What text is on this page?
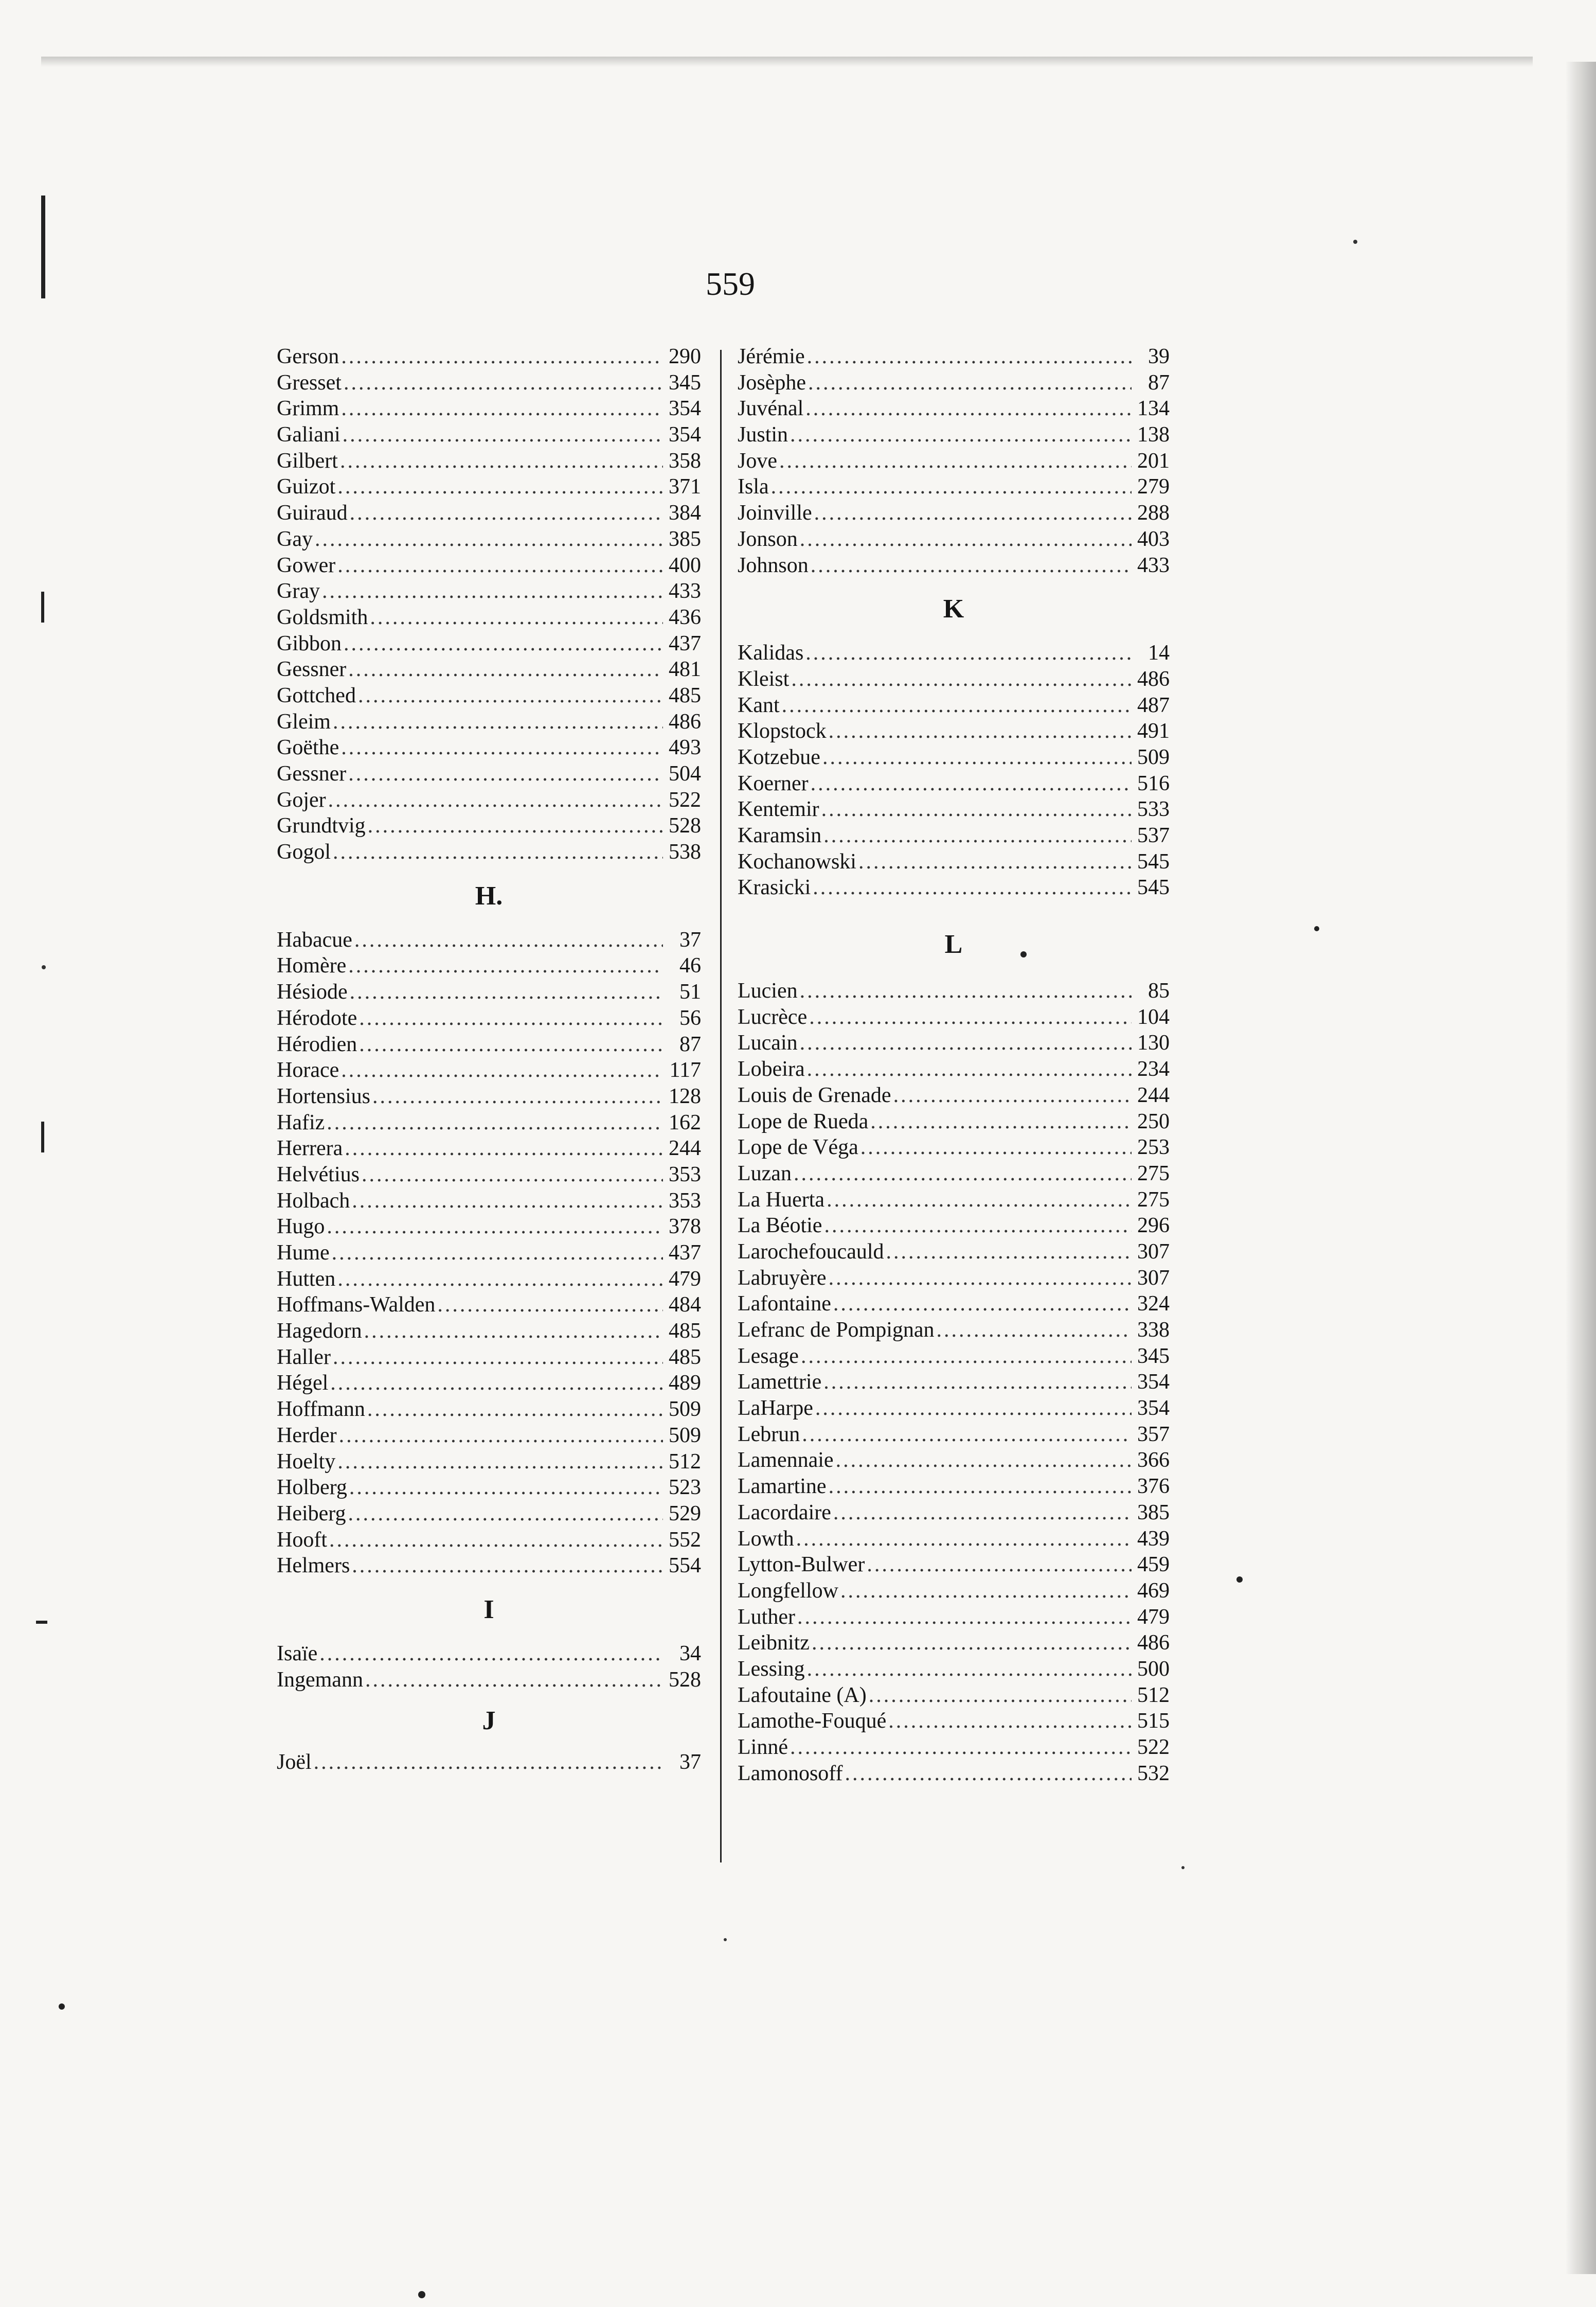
559
Gerson .....	290
Gresset .....	345
Grimm .....	354
Galiani .....	354
Gilbert .....	358
Guizot .....	371
Guiraud .....	384
Gay .....	385
Gower .....	400
Gray .....	433
Goldsmith .....	436
Gibbon .....	437
Gessner .....	481
Gottched .....	485
Gleim .....	486
Goëthe .....	493
Gessner .....	504
Gojer .....	522
Grundtvig .....	528
Gogol .....	538
H.
Habacue .....	37
Homère .....	46
Hésiode .....	51
Hérodote .....	56
Hérodien .....	87
Horace .....	117
Hortensius .....	128
Hafiz .....	162
Herrera .....	244
Helvétius .....	353
Holbach .....	353
Hugo .....	378
Hume .....	437
Hutten .....	479
Hoffmans-Walden .....	484
Hagedorn .....	485
Haller .....	485
Hégel .....	489
Hoffmann .....	509
Herder .....	509
Hoelty .....	512
Holberg .....	523
Heiberg .....	529
Hooft .....	552
Helmers .....	554
I
Isaïe .....	34
Ingemann .....	528
J
Joël .....	37
Jérémie .....	39
Josèphe .....	87
Juvénal .....	134
Justin .....	138
Jove .....	201
Isla .....	279
Joinville .....	288
Jonson .....	403
Johnson .....	433
K
Kalidas .....	14
Kleist .....	486
Kant .....	487
Klopstock .....	491
Kotzebue .....	509
Koerner .....	516
Kentemir .....	533
Karamsin .....	537
Kochanowski .....	545
Krasicki .....	545
L
Lucien .....	85
Lucrèce .....	104
Lucain .....	130
Lobeira .....	234
Louis de Grenade .....	244
Lope de Rueda .....	250
Lope de Véga .....	253
Luzan .....	275
La Huerta .....	275
La Béotie .....	296
Larochefoucauld .....	307
Labruyère .....	307
Lafontaine .....	324
Lefranc de Pompignan .....	338
Lesage .....	345
Lamettrie .....	354
LaHarpe .....	354
Lebrun .....	357
Lamennaie .....	366
Lamartine .....	376
Lacordaire .....	385
Lowth .....	439
Lytton-Bulwer .....	459
Longfellow .....	469
Luther .....	479
Leibnitz .....	486
Lessing .....	500
Lafoutaine (A) .....	512
Lamothe-Fouqué .....	515
Linné .....	522
Lamonosoff .....	532
